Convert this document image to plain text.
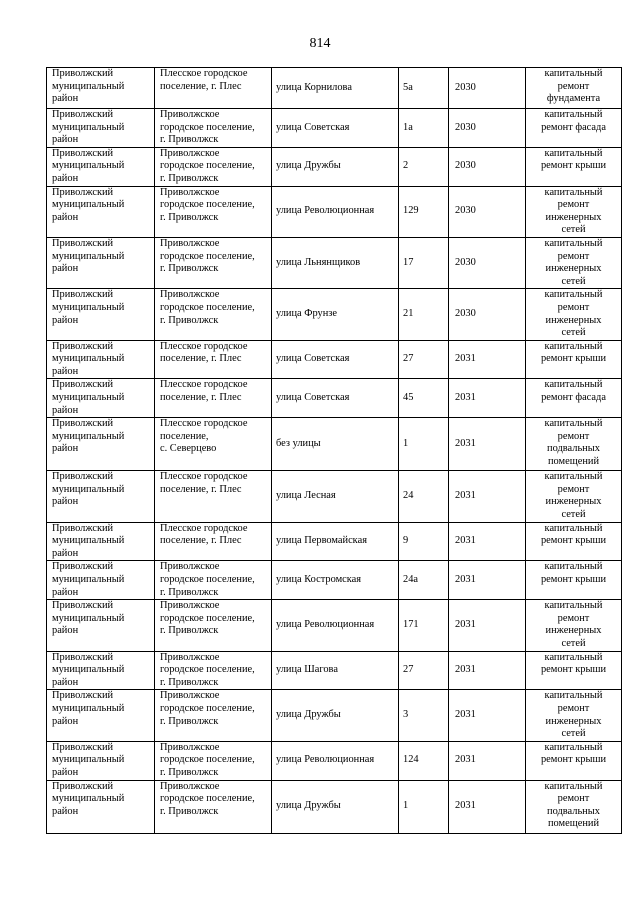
814
Приволжский
муниципальный
район	Плесское городское
поселение, г. Плес	улица Корнилова	5а	2030	капитальный
ремонт
фундамента
Приволжский
муниципальный
район	Приволжское
городское поселение,
г. Приволжск	улица Советская	1а	2030	капитальный
ремонт фасада
Приволжский
муниципальный
район	Приволжское
городское поселение,
г. Приволжск	улица Дружбы	2	2030	капитальный
ремонт крыши
Приволжский
муниципальный
район	Приволжское
городское поселение,
г. Приволжск	улица Революционная	129	2030	капитальный
ремонт
инженерных
сетей
Приволжский
муниципальный
район	Приволжское
городское поселение,
г. Приволжск	улица Льнянщиков	17	2030	капитальный
ремонт
инженерных
сетей
Приволжский
муниципальный
район	Приволжское
городское поселение,
г. Приволжск	улица Фрунзе	21	2030	капитальный
ремонт
инженерных
сетей
Приволжский
муниципальный
район	Плесское городское
поселение, г. Плес	улица Советская	27	2031	капитальный
ремонт крыши
Приволжский
муниципальный
район	Плесское городское
поселение, г. Плес	улица Советская	45	2031	капитальный
ремонт фасада
Приволжский
муниципальный
район	Плесское городское
поселение,
с. Северцево	без улицы	1	2031	капитальный
ремонт
подвальных
помещений
Приволжский
муниципальный
район	Плесское городское
поселение, г. Плес	улица Лесная	24	2031	капитальный
ремонт
инженерных
сетей
Приволжский
муниципальный
район	Плесское городское
поселение, г. Плес	улица Первомайская	9	2031	капитальный
ремонт крыши
Приволжский
муниципальный
район	Приволжское
городское поселение,
г. Приволжск	улица Костромская	24а	2031	капитальный
ремонт крыши
Приволжский
муниципальный
район	Приволжское
городское поселение,
г. Приволжск	улица Революционная	171	2031	капитальный
ремонт
инженерных
сетей
Приволжский
муниципальный
район	Приволжское
городское поселение,
г. Приволжск	улица Шагова	27	2031	капитальный
ремонт крыши
Приволжский
муниципальный
район	Приволжское
городское поселение,
г. Приволжск	улица Дружбы	3	2031	капитальный
ремонт
инженерных
сетей
Приволжский
муниципальный
район	Приволжское
городское поселение,
г. Приволжск	улица Революционная	124	2031	капитальный
ремонт крыши
Приволжский
муниципальный
район	Приволжское
городское поселение,
г. Приволжск	улица Дружбы	1	2031	капитальный
ремонт
подвальных
помещений
